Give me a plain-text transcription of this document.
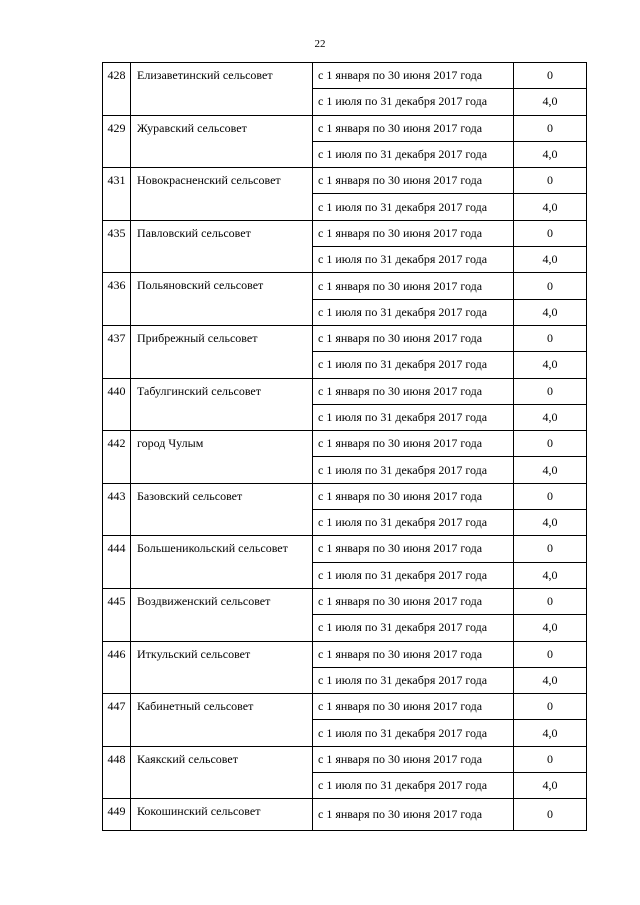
22
428	Елизаветинский сельсовет	с 1 января по 30 июня 2017 года	0
		с 1 июля по 31 декабря 2017 года	4,0
429	Журавский сельсовет	с 1 января по 30 июня 2017 года	0
		с 1 июля по 31 декабря 2017 года	4,0
431	Новокрасненский сельсовет	с 1 января по 30 июня 2017 года	0
		с 1 июля по 31 декабря 2017 года	4,0
435	Павловский сельсовет	с 1 января по 30 июня 2017 года	0
		с 1 июля по 31 декабря 2017 года	4,0
436	Польяновский сельсовет	с 1 января по 30 июня 2017 года	0
		с 1 июля по 31 декабря 2017 года	4,0
437	Прибрежный сельсовет	с 1 января по 30 июня 2017 года	0
		с 1 июля по 31 декабря 2017 года	4,0
440	Табулгинский сельсовет	с 1 января по 30 июня 2017 года	0
		с 1 июля по 31 декабря 2017 года	4,0
442	город Чулым	с 1 января по 30 июня 2017 года	0
		с 1 июля по 31 декабря 2017 года	4,0
443	Базовский сельсовет	с 1 января по 30 июня 2017 года	0
		с 1 июля по 31 декабря 2017 года	4,0
444	Большеникольский сельсовет	с 1 января по 30 июня 2017 года	0
		с 1 июля по 31 декабря 2017 года	4,0
445	Воздвиженский сельсовет	с 1 января по 30 июня 2017 года	0
		с 1 июля по 31 декабря 2017 года	4,0
446	Иткульский сельсовет	с 1 января по 30 июня 2017 года	0
		с 1 июля по 31 декабря 2017 года	4,0
447	Кабинетный сельсовет	с 1 января по 30 июня 2017 года	0
		с 1 июля по 31 декабря 2017 года	4,0
448	Каякский сельсовет	с 1 января по 30 июня 2017 года	0
		с 1 июля по 31 декабря 2017 года	4,0
449	Кокошинский сельсовет	с 1 января по 30 июня 2017 года	0
